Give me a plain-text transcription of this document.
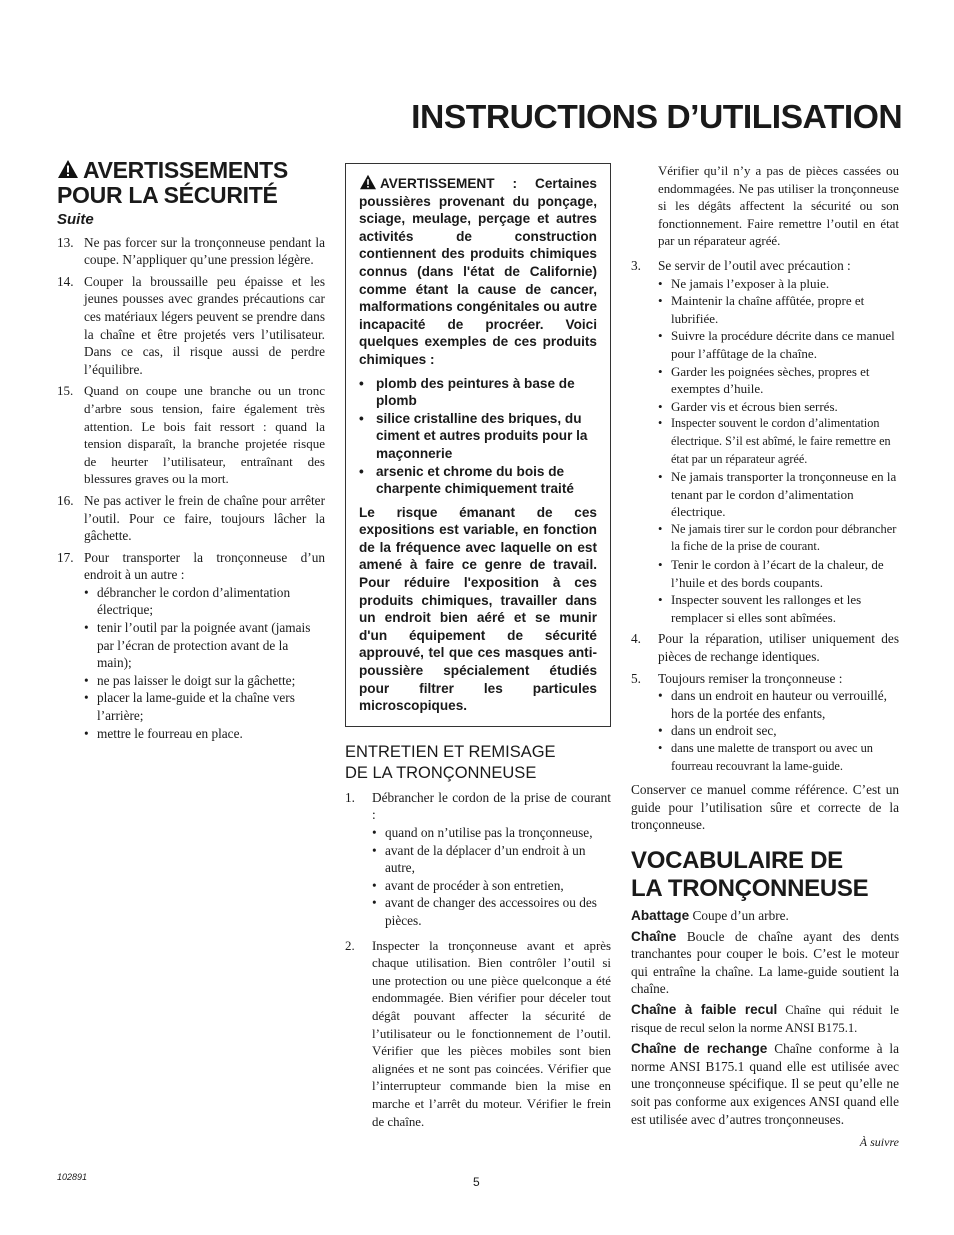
INSTRUCTIONS D’UTILISATION
AVERTISSEMENTS
POUR LA SÉCURITÉ
Suite
13. Ne pas forcer sur la tronçonneuse pendant la coupe. N’appliquer qu’une pression légère.
14. Couper la broussaille peu épaisse et les jeunes pousses avec grandes précautions car ces matériaux légers peuvent se prendre dans la chaîne et être projetés vers l’utilisateur. Dans ce cas, il risque aussi de perdre l’équilibre.
15. Quand on coupe une branche ou un tronc d’arbre sous tension, faire également très attention. Le bois fait ressort : quand la tension disparaît, la branche projetée risque de heurter l’utilisateur, entraînant des blessures graves ou la mort.
16. Ne pas activer le frein de chaîne pour arrêter l’outil. Pour ce faire, toujours lâcher la gâchette.
17. Pour transporter la tronçonneuse d’un endroit à un autre :
• débrancher le cordon d’alimentation électrique;
• tenir l’outil par la poignée avant (jamais par l’écran de protection avant de la main);
• ne pas laisser le doigt sur la gâchette;
• placer la lame-guide et la chaîne vers l’arrière;
• mettre le fourreau en place.
AVERTISSEMENT : Certaines poussières provenant du ponçage, sciage, meulage, perçage et autres activités de construction contiennent des produits chimiques connus (dans l'état de Californie) comme étant la cause de cancer, malformations congénitales ou autre incapacité de procréer. Voici quelques exemples de ces produits chimiques :
• plomb des peintures à base de plomb
• silice cristalline des briques, du ciment et autres produits pour la maçonnerie
• arsenic et chrome du bois de charpente chimiquement traité
Le risque émanant de ces expositions est variable, en fonction de la fréquence avec laquelle on est amené à faire ce genre de travail. Pour réduire l'exposition à ces produits chimiques, travailler dans un endroit bien aéré et se munir d'un équipement de sécurité approuvé, tel que ces masques anti-poussière spécialement étudiés pour filtrer les particules microscopiques.
ENTRETIEN ET REMISAGE
DE LA TRONÇONNEUSE
1. Débrancher le cordon de la prise de courant :
• quand on n’utilise pas la tronçonneuse,
• avant de la déplacer d’un endroit à un autre,
• avant de procéder à son entretien,
• avant de changer des accessoires ou des pièces.
2. Inspecter la tronçonneuse avant et après chaque utilisation. Bien contrôler l’outil si une protection ou une pièce quelconque a été endommagée. Bien vérifier pour déceler tout dégât pouvant affecter la sécurité de l’utilisateur ou le fonctionnement de l’outil. Vérifier que les pièces mobiles sont bien alignées et ne sont pas coincées. Vérifier que l’interrupteur commande bien la mise en marche et l’arrêt du moteur. Vérifier le frein de chaîne.
Vérifier qu’il n’y a pas de pièces cassées ou endommagées. Ne pas utiliser la tronçonneuse si les dégâts affectent la sécurité ou son fonctionnement. Faire remettre l’outil en état par un réparateur agréé.
3. Se servir de l’outil avec précaution :
• Ne jamais l’exposer à la pluie.
• Maintenir la chaîne affûtée, propre et lubrifiée.
• Suivre la procédure décrite dans ce manuel pour l’affûtage de la chaîne.
• Garder les poignées sèches, propres et exemptes d’huile.
• Garder vis et écrous bien serrés.
• Inspecter souvent le cordon d’alimentation électrique. S’il est abîmé, le faire remettre en état par un réparateur agréé.
• Ne jamais transporter la tronçonneuse en la tenant par le cordon d’alimentation électrique.
• Ne jamais tirer sur le cordon pour débrancher la fiche de la prise de courant.
• Tenir le cordon à l’écart de la chaleur, de l’huile et des bords coupants.
• Inspecter souvent les rallonges et les remplacer si elles sont abîmées.
4. Pour la réparation, utiliser uniquement des pièces de rechange identiques.
5. Toujours remiser la tronçonneuse :
• dans un endroit en hauteur ou verrouillé, hors de la portée des enfants,
• dans un endroit sec,
• dans une malette de transport ou avec un fourreau recouvrant la lame-guide.

Conserver ce manuel comme référence. C’est un guide pour l’utilisation sûre et correcte de la tronçonneuse.

VOCABULAIRE DE
LA TRONÇONNEUSE

Abattage Coupe d’un arbre.

Chaîne Boucle de chaîne ayant des dents tranchantes pour couper le bois. C’est le moteur qui entraîne la chaîne. La lame-guide soutient la chaîne.

Chaîne à faible recul Chaîne qui réduit le risque de recul selon la norme ANSI B175.1.

Chaîne de rechange Chaîne conforme à la norme ANSI B175.1 quand elle est utilisée avec une tronçonneuse spécifique. Il se peut qu’elle ne soit pas conforme aux exigences ANSI quand elle est utilisée avec d’autres tronçonneuses.

À suivre
102891	5
